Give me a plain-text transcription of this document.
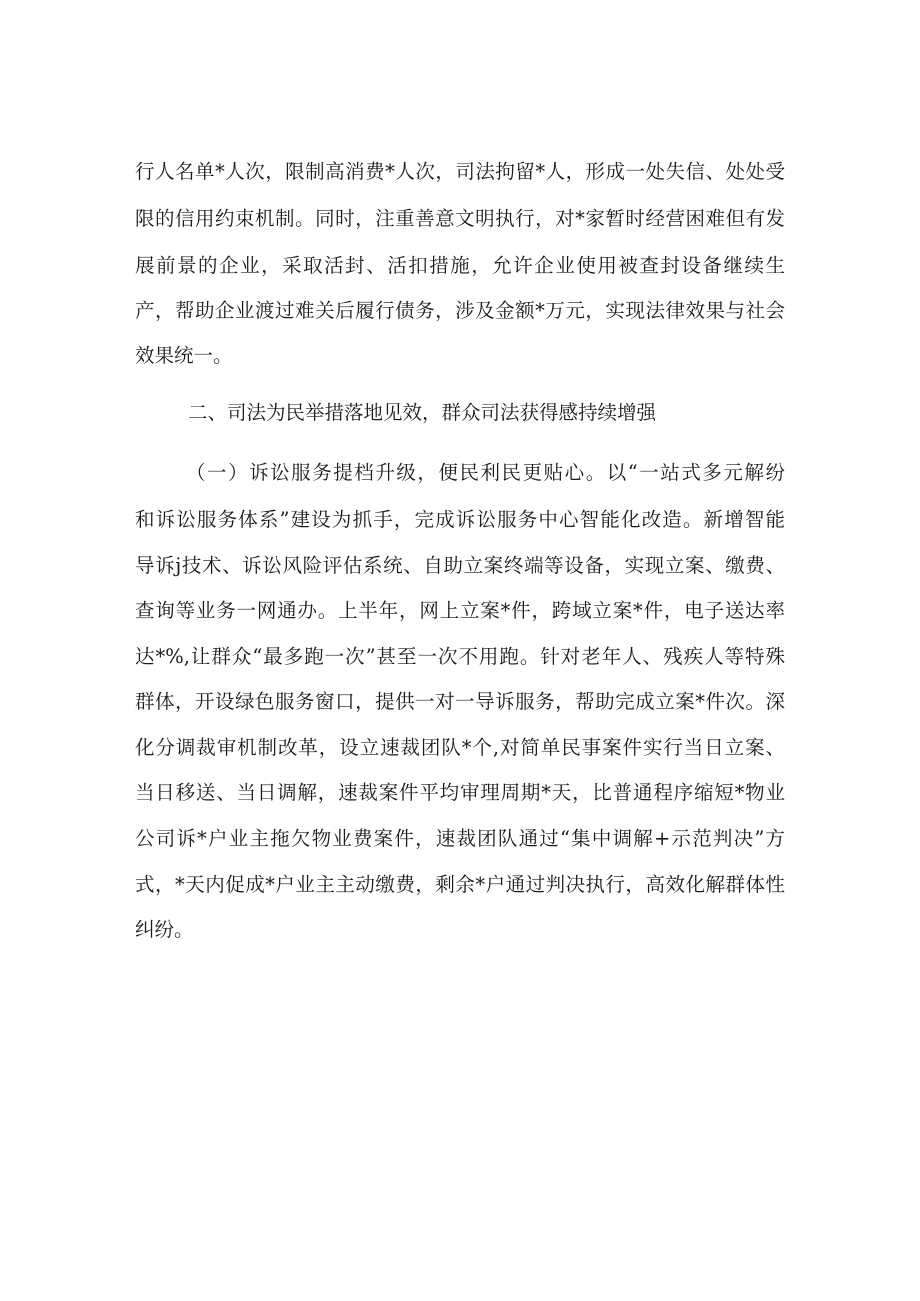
行人名单*人次，限制高消费*人次，司法拘留*人，形成一处失信、处处受
限的信用约束机制。同时，注重善意文明执行，对*家暂时经营困难但有发
展前景的企业，采取活封、活扣措施，允许企业使用被查封设备继续生
产，帮助企业渡过难关后履行债务，涉及金额*万元，实现法律效果与社会
效果统一。
二、司法为民举措落地见效，群众司法获得感持续增强
（一）诉讼服务提档升级，便民利民更贴心。以“一站式多元解纷
和诉讼服务体系”建设为抓手，完成诉讼服务中心智能化改造。新增智能
导诉j技术、诉讼风险评估系统、自助立案终端等设备，实现立案、缴费、
查询等业务一网通办。上半年，网上立案*件，跨域立案*件，电子送达率
达*%,让群众“最多跑一次”甚至一次不用跑。针对老年人、残疾人等特殊
群体，开设绿色服务窗口，提供一对一导诉服务，帮助完成立案*件次。深
化分调裁审机制改革，设立速裁团队*个,对简单民事案件实行当日立案、
当日移送、当日调解，速裁案件平均审理周期*天，比普通程序缩短*物业
公司诉*户业主拖欠物业费案件，速裁团队通过“集中调解+示范判决”方
式，*天内促成*户业主主动缴费，剩余*户通过判决执行，高效化解群体性
纠纷。
